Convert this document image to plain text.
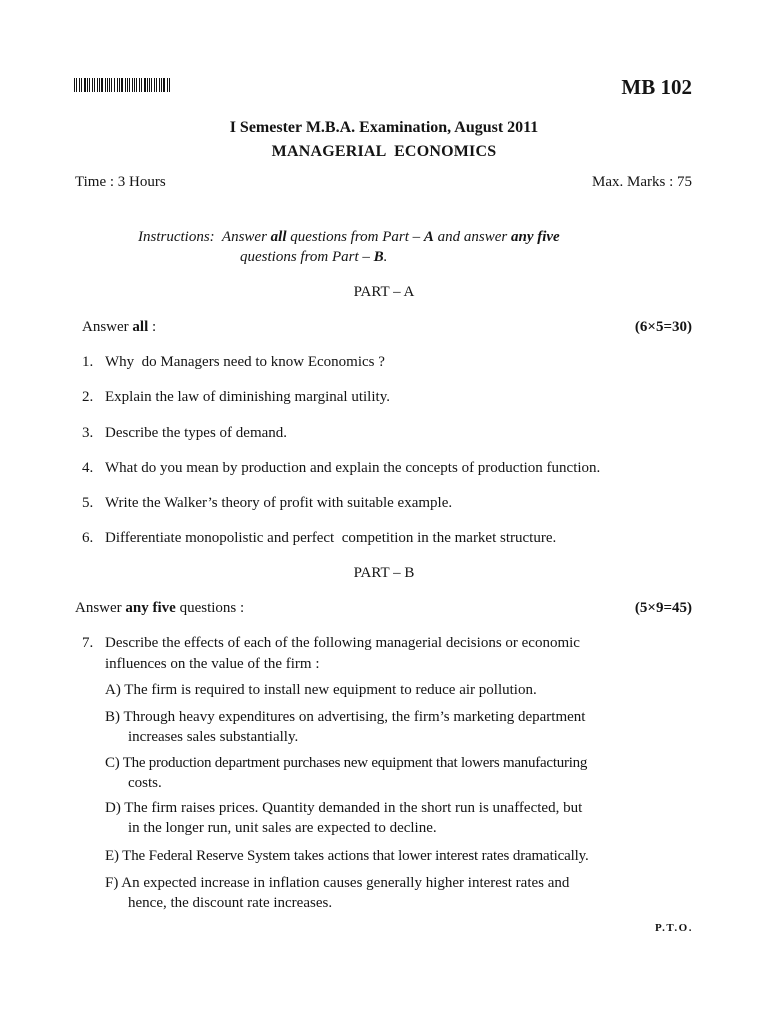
MB 102
I Semester M.B.A. Examination, August 2011
MANAGERIAL  ECONOMICS
Time : 3 Hours	Max. Marks : 75
Instructions: Answer all questions from Part – A and answer any five
questions from Part – B.
PART – A
Answer all :	(6×5=30)
1. Why  do Managers need to know Economics ?
2. Explain the law of diminishing marginal utility.
3. Describe the types of demand.
4. What do you mean by production and explain the concepts of production function.
5. Write the Walker’s theory of profit with suitable example.
6. Differentiate monopolistic and perfect  competition in the market structure.
PART – B
Answer any five questions :	(5×9=45)
7. Describe the effects of each of the following managerial decisions or economic
influences on the value of the firm :
A) The firm is required to install new equipment to reduce air pollution.
B) Through heavy expenditures on advertising, the firm’s marketing department
increases sales substantially.
C) The production department purchases new equipment that lowers manufacturing
costs.
D) The firm raises prices. Quantity demanded in the short run is unaffected, but
in the longer run, unit sales are expected to decline.
E) The Federal Reserve System takes actions that lower interest rates dramatically.
F) An expected increase in inflation causes generally higher interest rates and
hence, the discount rate increases.
P.T.O.
